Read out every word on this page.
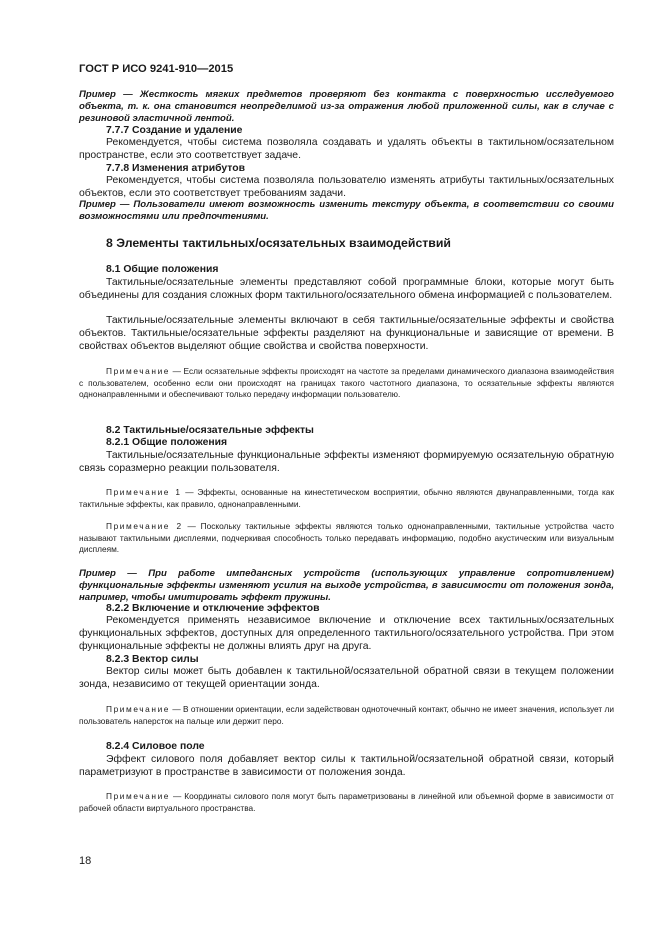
ГОСТ Р ИСО 9241-910—2015

Пример — Жесткость мягких предметов проверяют без контакта с поверхностью исследуемого объекта, т. к. она становится неопределимой из-за отражения любой приложенной силы, как в случае с резиновой эластичной лентой.

7.7.7 Создание и удаление

Рекомендуется, чтобы система позволяла создавать и удалять объекты в тактильном/осязательном пространстве, если это соответствует задаче.

7.7.8 Изменения атрибутов

Рекомендуется, чтобы система позволяла пользователю изменять атрибуты тактильных/осязательных объектов, если это соответствует требованиям задачи.

Пример — Пользователи имеют возможность изменить текстуру объекта, в соответствии со своими возможностями или предпочтениями.

8 Элементы тактильных/осязательных взаимодействий

8.1 Общие положения

Тактильные/осязательные элементы представляют собой программные блоки, которые могут быть объединены для создания сложных форм тактильного/осязательного обмена информацией с пользователем.

Тактильные/осязательные элементы включают в себя тактильные/осязательные эффекты и свойства объектов. Тактильные/осязательные эффекты разделяют на функциональные и зависящие от времени. В свойствах объектов выделяют общие свойства и свойства поверхности.

Примечание — Если осязательные эффекты происходят на частоте за пределами динамического диапазона взаимодействия с пользователем, особенно если они происходят на границах такого частотного диапазона, то осязательные эффекты являются однонаправленными и обеспечивают только передачу информации пользователю.

8.2 Тактильные/осязательные эффекты

8.2.1 Общие положения

Тактильные/осязательные функциональные эффекты изменяют формируемую осязательную обратную связь соразмерно реакции пользователя.

Примечание 1 — Эффекты, основанные на кинестетическом восприятии, обычно являются двунаправленными, тогда как тактильные эффекты, как правило, однонаправленными.

Примечание 2 — Поскольку тактильные эффекты являются только однонаправленными, тактильные устройства часто называют тактильными дисплеями, подчеркивая способность только передавать информацию, подобно акустическим или визуальным дисплеям.

Пример — При работе импедансных устройств (использующих управление сопротивлением) функциональные эффекты изменяют усилия на выходе устройства, в зависимости от положения зонда, например, чтобы имитировать эффект пружины.

8.2.2 Включение и отключение эффектов

Рекомендуется применять независимое включение и отключение всех тактильных/осязательных функциональных эффектов, доступных для определенного тактильного/осязательного устройства. При этом функциональные эффекты не должны влиять друг на друга.

8.2.3 Вектор силы

Вектор силы может быть добавлен к тактильной/осязательной обратной связи в текущем положении зонда, независимо от текущей ориентации зонда.

Примечание — В отношении ориентации, если задействован одноточечный контакт, обычно не имеет значения, использует ли пользователь наперсток на пальце или держит перо.

8.2.4 Силовое поле

Эффект силового поля добавляет вектор силы к тактильной/осязательной обратной связи, который параметризуют в пространстве в зависимости от положения зонда.

Примечание — Координаты силового поля могут быть параметризованы в линейной или объемной форме в зависимости от рабочей области виртуального пространства.

18
